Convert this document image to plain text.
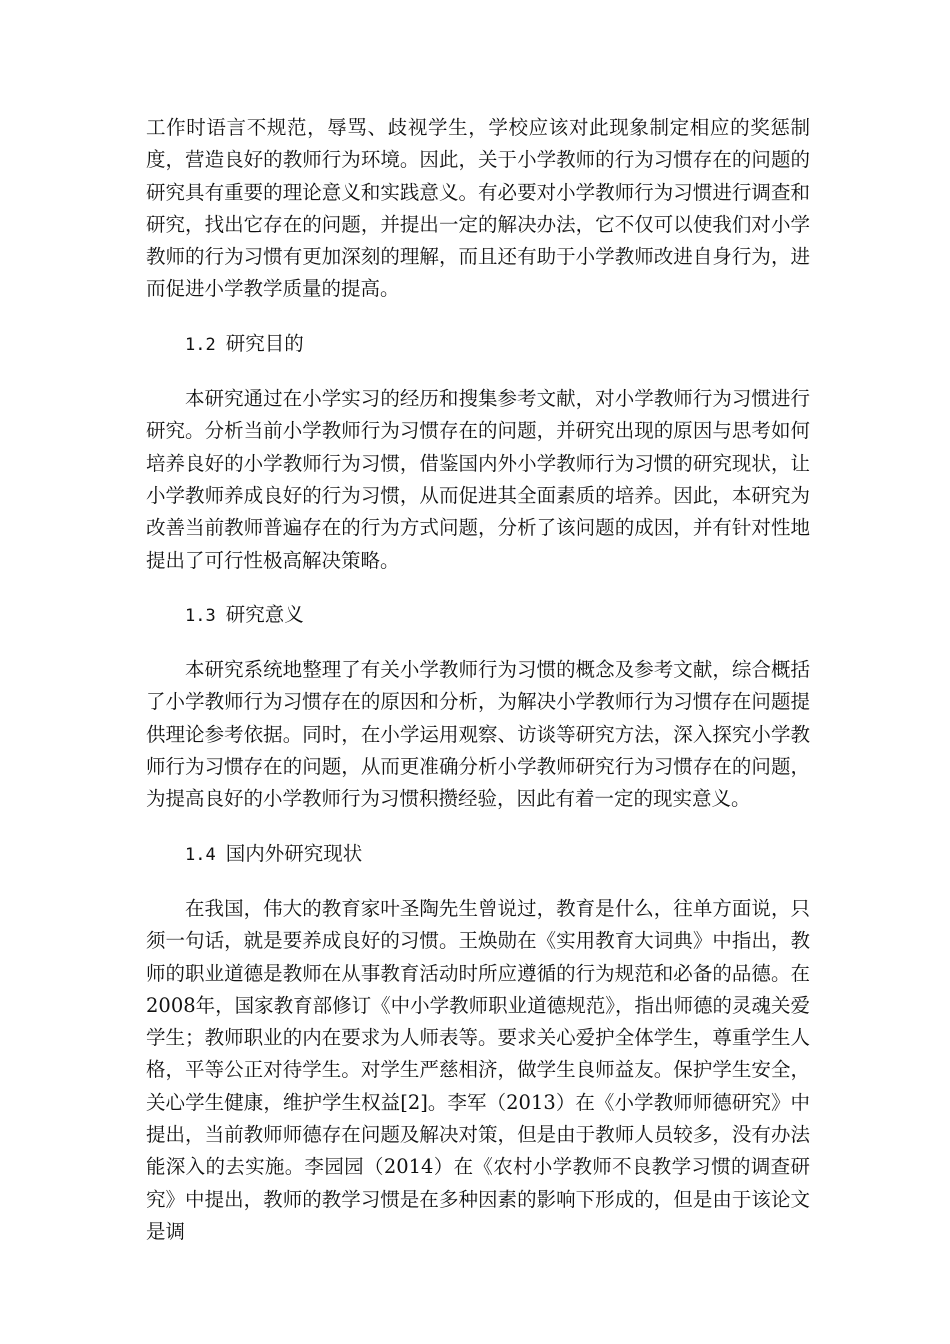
工作时语言不规范，辱骂、歧视学生，学校应该对此现象制定相应的奖惩制度，营造良好的教师行为环境。因此，关于小学教师的行为习惯存在的问题的研究具有重要的理论意义和实践意义。有必要对小学教师行为习惯进行调查和研究，找出它存在的问题，并提出一定的解决办法，它不仅可以使我们对小学教师的行为习惯有更加深刻的理解，而且还有助于小学教师改进自身行为，进而促进小学教学质量的提高。

1.2 研究目的

本研究通过在小学实习的经历和搜集参考文献，对小学教师行为习惯进行研究。分析当前小学教师行为习惯存在的问题，并研究出现的原因与思考如何培养良好的小学教师行为习惯，借鉴国内外小学教师行为习惯的研究现状，让小学教师养成良好的行为习惯，从而促进其全面素质的培养。因此，本研究为改善当前教师普遍存在的行为方式问题，分析了该问题的成因，并有针对性地提出了可行性极高解决策略。

1.3 研究意义

本研究系统地整理了有关小学教师行为习惯的概念及参考文献，综合概括了小学教师行为习惯存在的原因和分析，为解决小学教师行为习惯存在问题提供理论参考依据。同时，在小学运用观察、访谈等研究方法，深入探究小学教师行为习惯存在的问题，从而更准确分析小学教师研究行为习惯存在的问题，为提高良好的小学教师行为习惯积攒经验，因此有着一定的现实意义。

1.4 国内外研究现状

在我国，伟大的教育家叶圣陶先生曾说过，教育是什么，往单方面说，只须一句话，就是要养成良好的习惯。王焕勋在《实用教育大词典》中指出，教师的职业道德是教师在从事教育活动时所应遵循的行为规范和必备的品德。在2008年，国家教育部修订《中小学教师职业道德规范》，指出师德的灵魂关爱学生；教师职业的内在要求为人师表等。要求关心爱护全体学生，尊重学生人格，平等公正对待学生。对学生严慈相济，做学生良师益友。保护学生安全，关心学生健康，维护学生权益[2]。李军（2013）在《小学教师师德研究》中提出，当前教师师德存在问题及解决对策，但是由于教师人员较多，没有办法能深入的去实施。李园园（2014）在《农村小学教师不良教学习惯的调查研究》中提出，教师的教学习惯是在多种因素的影响下形成的，但是由于该论文是调
